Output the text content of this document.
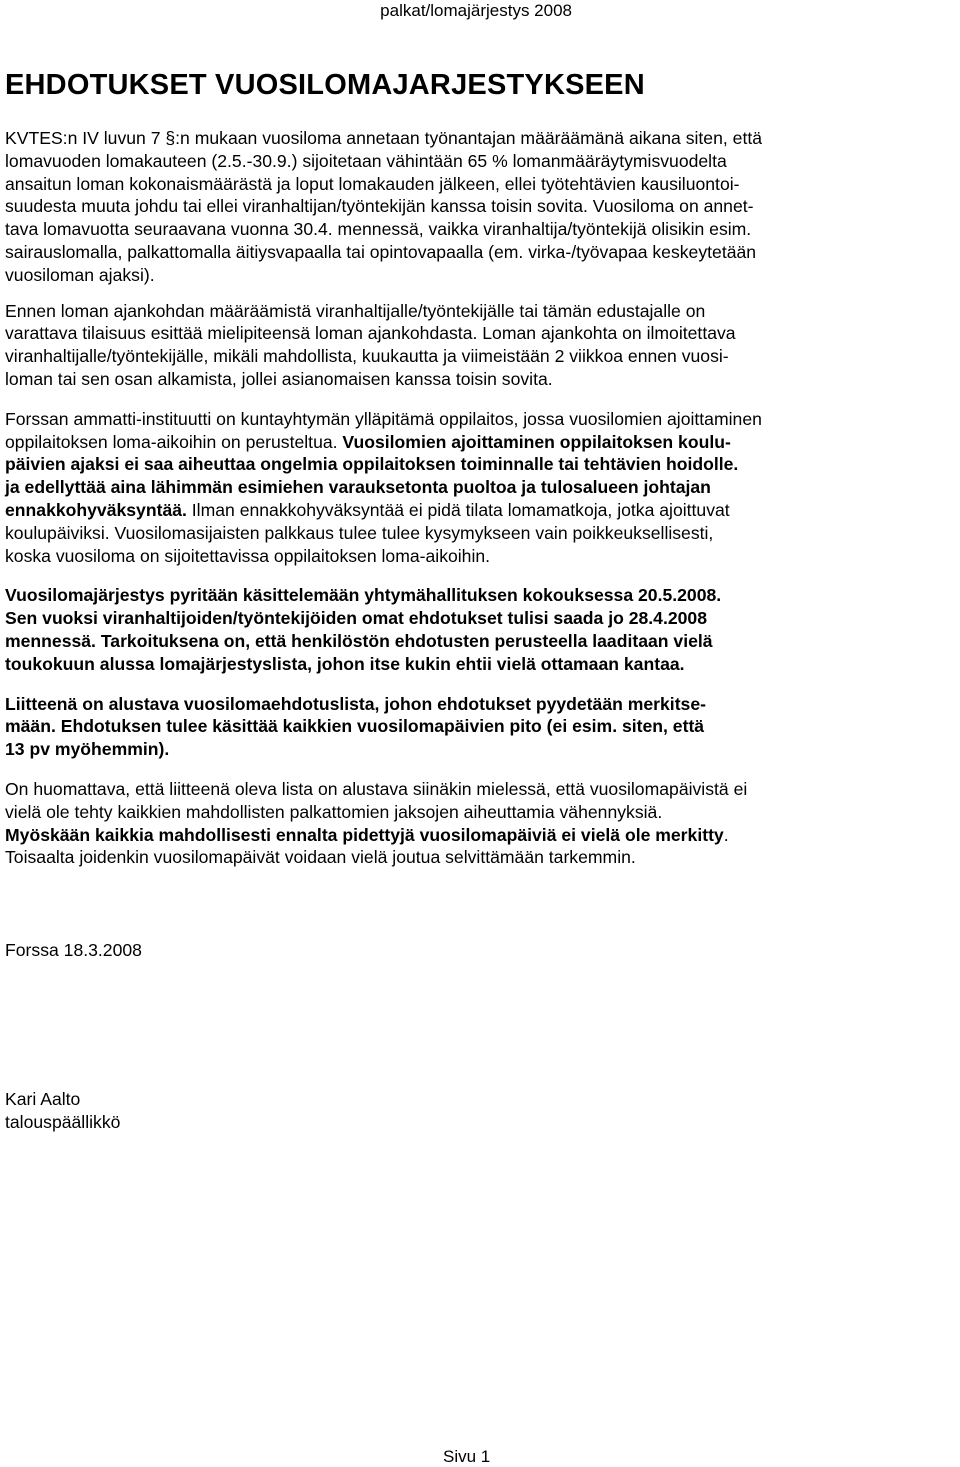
palkat/lomajärjestys 2008
EHDOTUKSET VUOSILOMAJARJESTYKSEEN

KVTES:n IV luvun 7 §:n mukaan vuosiloma annetaan työnantajan määräämänä aikana siten, että
lomavuoden lomakauteen (2.5.-30.9.) sijoitetaan vähintään 65 % lomanmääräytymisvuodelta
ansaitun loman kokonaismäärästä ja loput lomakauden jälkeen, ellei työtehtävien kausiluontoi-
suudesta muuta johdu tai ellei viranhaltijan/työntekijän kanssa toisin sovita. Vuosiloma on annet-
tava lomavuotta seuraavana vuonna 30.4. mennessä, vaikka viranhaltija/työntekijä olisikin esim.
sairauslomalla, palkattomalla äitiysvapaalla tai opintovapaalla (em. virka-/työvapaa keskeytetään
vuosiloman ajaksi).

Ennen loman ajankohdan määräämistä viranhaltijalle/työntekijälle tai tämän edustajalle on
varattava tilaisuus esittää mielipiteensä loman ajankohdasta. Loman ajankohta on ilmoitettava
viranhaltijalle/työntekijälle, mikäli mahdollista, kuukautta ja viimeistään 2 viikkoa ennen vuosi-
loman tai sen osan alkamista, jollei asianomaisen kanssa toisin sovita.

Forssan ammatti-instituutti on kuntayhtymän ylläpitämä oppilaitos, jossa vuosilomien ajoittaminen
oppilaitoksen loma-aikoihin on perusteltua. Vuosilomien ajoittaminen oppilaitoksen koulu-
päivien ajaksi ei saa aiheuttaa ongelmia oppilaitoksen toiminnalle tai tehtävien hoidolle.
ja edellyttää aina lähimmän esimiehen varauksetonta puoltoa ja tulosalueen johtajan
ennakkohyväksyntää. Ilman ennakkohyväksyntää ei pidä tilata lomamatkoja, jotka ajoittuvat
koulupäiviksi. Vuosilomasijaisten palkkaus tulee tulee kysymykseen vain poikkeuksellisesti,
koska vuosiloma on sijoitettavissa oppilaitoksen loma-aikoihin.

Vuosilomajärjestys pyritään käsittelemään yhtymähallituksen kokouksessa 20.5.2008.
Sen vuoksi viranhaltijoiden/työntekijöiden omat ehdotukset tulisi saada jo 28.4.2008
mennessä. Tarkoituksena on, että henkilöstön ehdotusten perusteella laaditaan vielä
toukokuun alussa lomajärjestyslista, johon itse kukin ehtii vielä ottamaan kantaa.

Liitteenä on alustava vuosilomaehdotuslista, johon ehdotukset pyydetään merkitse-
mään. Ehdotuksen tulee käsittää kaikkien vuosilomapäivien pito (ei esim. siten, että
13 pv myöhemmin).

On huomattava, että liitteenä oleva lista on alustava siinäkin mielessä, että vuosilomapäivistä ei
vielä ole tehty kaikkien mahdollisten palkattomien jaksojen aiheuttamia vähennyksiä.
Myöskään kaikkia mahdollisesti ennalta pidettyjä vuosilomapäiviä ei vielä ole merkitty.
Toisaalta joidenkin vuosilomapäivät voidaan vielä joutua selvittämään tarkemmin.

Forssa 18.3.2008

Kari Aalto
talouspäällikkö

Sivu 1
